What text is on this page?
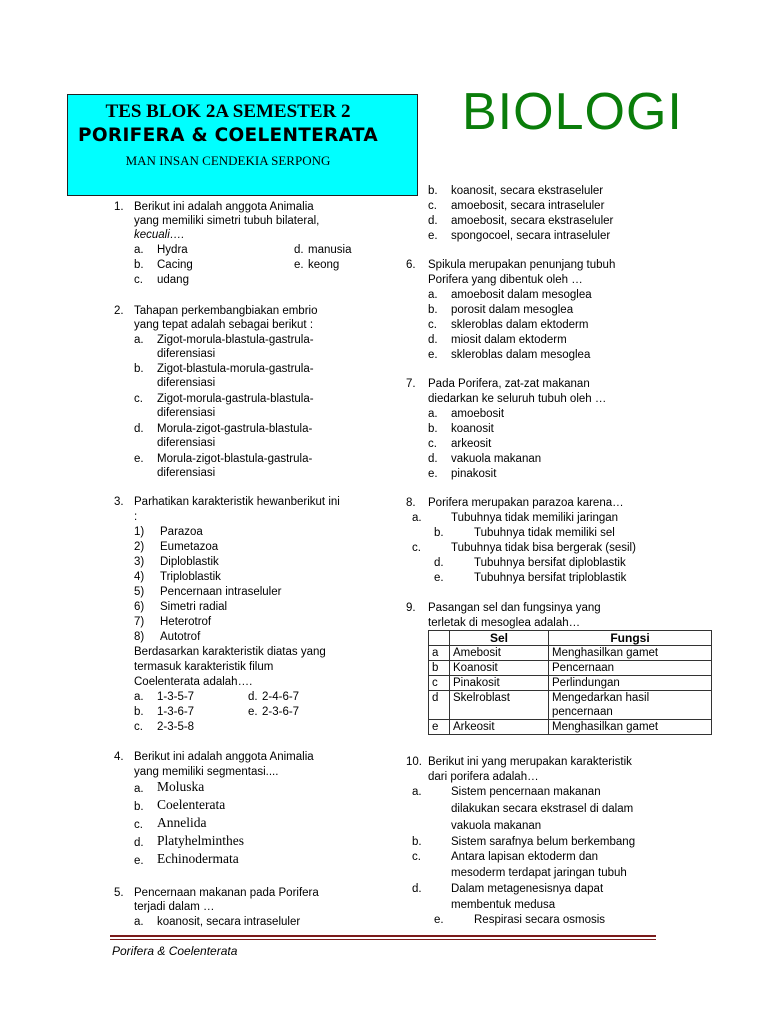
TES BLOK 2A SEMESTER 2
PORIFERA & COELENTERATA
MAN INSAN CENDEKIA SERPONG
BIOLOGI
1. Berikut ini adalah anggota Animalia
yang memiliki simetri tubuh bilateral,
kecuali….
a. Hydra
b. Cacing
c. udang
d. manusia
e. keong
2. Tahapan perkembangbiakan embrio
yang tepat adalah sebagai berikut :
a. Zigot-morula-blastula-gastrula-
diferensiasi
b. Zigot-blastula-morula-gastrula-
diferensiasi
c. Zigot-morula-gastrula-blastula-
diferensiasi
d. Morula-zigot-gastrula-blastula-
diferensiasi
e. Morula-zigot-blastula-gastrula-
diferensiasi
3. Parhatikan karakteristik hewanberikut ini
:
1) Parazoa
2) Eumetazoa
3) Diploblastik
4) Triploblastik
5) Pencernaan intraseluler
6) Simetri radial
7) Heterotrof
8) Autotrof
Berdasarkan karakteristik diatas yang
termasuk karakteristik filum
Coelenterata adalah….
a. 1-3-5-7
b. 1-3-6-7
c. 2-3-5-8
d. 2-4-6-7
e. 2-3-6-7
4. Berikut ini adalah anggota Animalia
yang memiliki segmentasi....
a. Moluska
b. Coelenterata
c. Annelida
d. Platyhelminthes
e. Echinodermata
5. Pencernaan makanan pada Porifera
terjadi dalam …
a. koanosit, secara intraseluler
b. koanosit, secara ekstraseluler
c. amoebosit, secara intraseluler
d. amoebosit, secara ekstraseluler
e. spongocoel, secara intraseluler
6. Spikula merupakan penunjang tubuh
Porifera yang dibentuk oleh …
a. amoebosit dalam mesoglea
b. porosit dalam mesoglea
c. skleroblas dalam ektoderm
d. miosit dalam ektoderm
e. skleroblas dalam mesoglea
7. Pada Porifera, zat-zat makanan
diedarkan ke seluruh tubuh oleh …
a. amoebosit
b. koanosit
c. arkeosit
d. vakuola makanan
e. pinakosit
8. Porifera merupakan parazoa karena…
a.	Tubuhnya tidak memiliki jaringan
b.	Tubuhnya tidak memiliki sel
c.	Tubuhnya tidak bisa bergerak (sesil)
d.	Tubuhnya bersifat diploblastik
e.	Tubuhnya bersifat triploblastik
9. Pasangan sel dan fungsinya yang
terletak di mesoglea adalah…
	Sel	Fungsi
a	Amebosit	Menghasilkan gamet
b	Koanosit	Pencernaan
c	Pinakosit	Perlindungan
d	Skelroblast	Mengedarkan hasil
pencernaan
e	Arkeosit	Menghasilkan gamet
10. Berikut ini yang merupakan karakteristik
dari porifera adalah…
a.	Sistem pencernaan makanan
dilakukan secara ekstrasel di dalam
vakuola makanan
b.	Sistem sarafnya belum berkembang
c.	Antara lapisan ektoderm dan
mesoderm terdapat jaringan tubuh
d.	Dalam metagenesisnya dapat
membentuk medusa
e.	Respirasi secara osmosis
Porifera & Coelenterata
